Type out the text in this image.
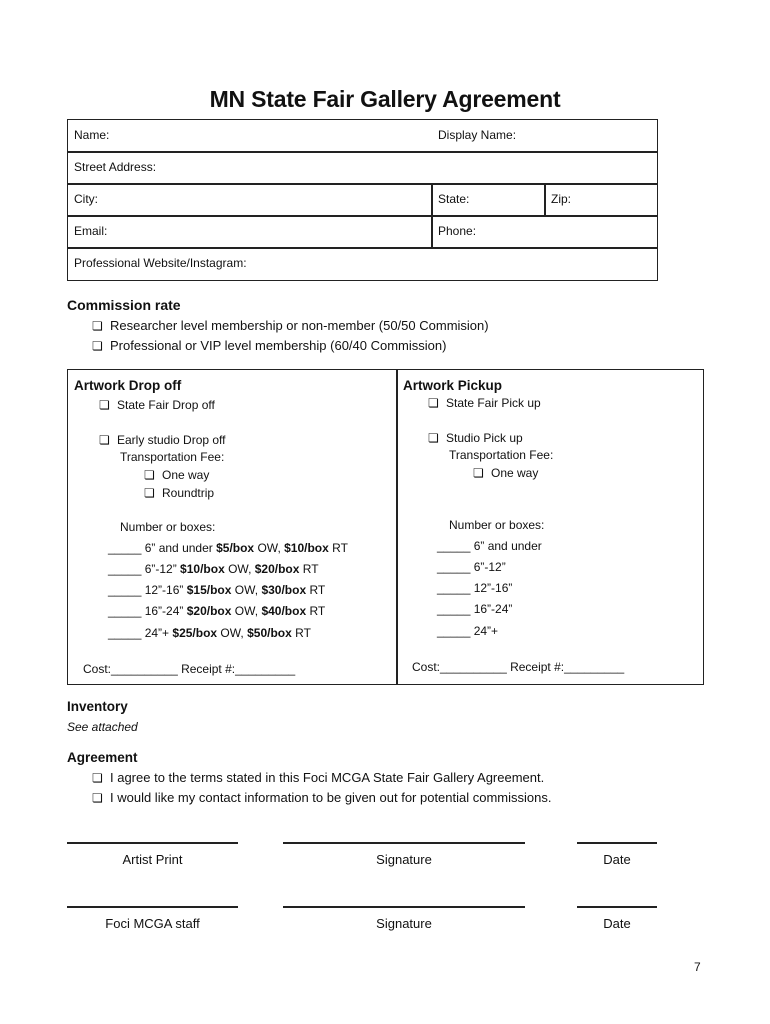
MN State Fair Gallery Agreement
Name:	Display Name:
Street Address:
City:	State:	Zip:
Email:	Phone:
Professional Website/Instagram:
Commission rate
❏ Researcher level membership or non-member (50/50 Commision)
❏ Professional or VIP level membership (60/40 Commission)
Artwork Drop off
❏ State Fair Drop off
❏ Early studio Drop off
Transportation Fee:
❏ One way
❏ Roundtrip
Number or boxes:
_____ 6” and under $5/box OW, $10/box RT
_____ 6”-12” $10/box OW, $20/box RT
_____ 12”-16” $15/box OW, $30/box RT
_____ 16”-24” $20/box OW, $40/box RT
_____ 24”+ $25/box OW, $50/box RT
Cost:__________ Receipt #:_________
Artwork Pickup
❏ State Fair Pick up
❏ Studio Pick up
Transportation Fee:
❏ One way
Number or boxes:
_____ 6” and under
_____ 6”-12”
_____ 12”-16”
_____ 16”-24”
_____ 24”+
Cost:__________ Receipt #:_________
Inventory
See attached
Agreement
❏ I agree to the terms stated in this Foci MCGA State Fair Gallery Agreement.
❏ I would like my contact information to be given out for potential commissions.
Artist Print	Signature	Date
Foci MCGA staff	Signature	Date
7
